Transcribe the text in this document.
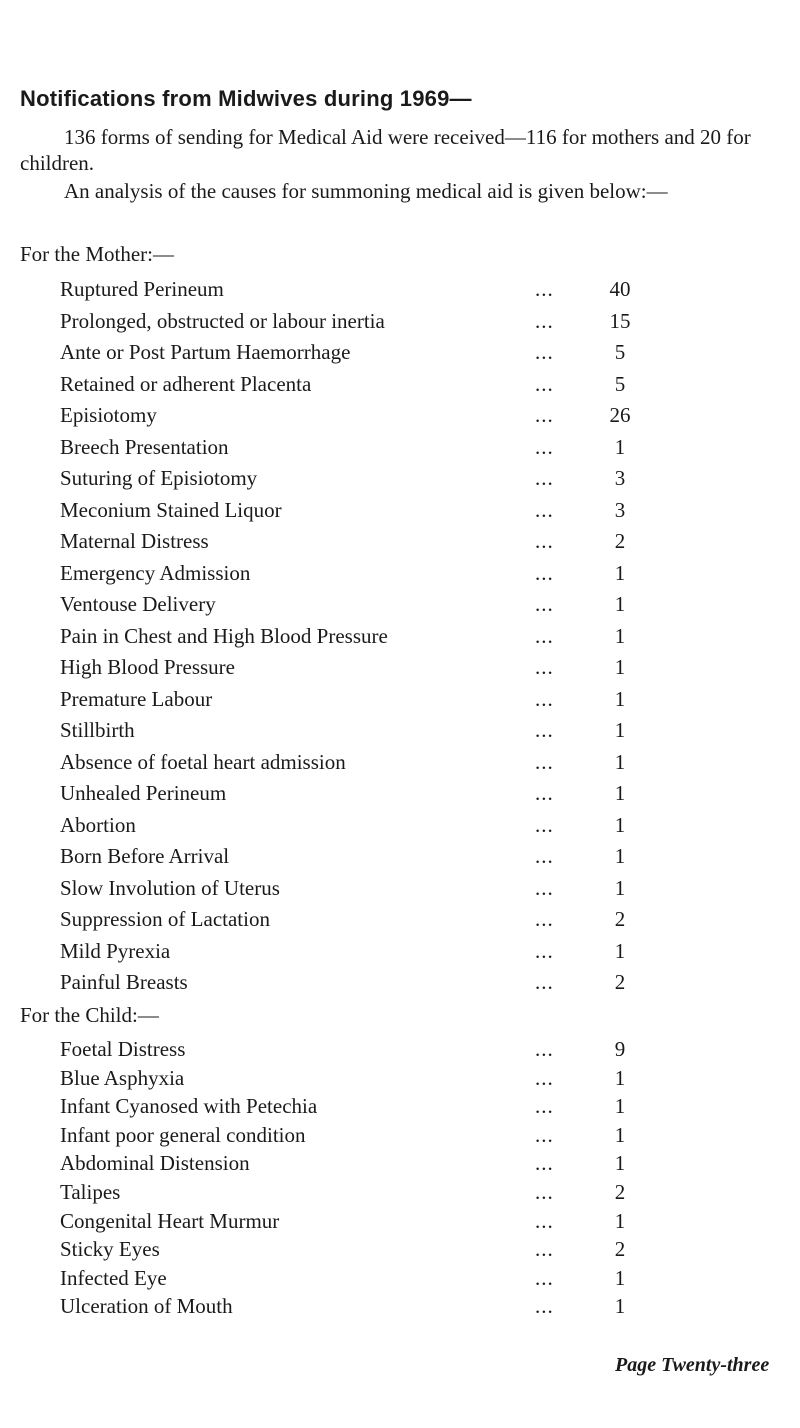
Notifications from Midwives during 1969—
136 forms of sending for Medical Aid were received—116 for mothers and 20 for children.
An analysis of the causes for summoning medical aid is given below:—
For the Mother:—
Ruptured Perineum	...	40
Prolonged, obstructed or labour inertia	...	15
Ante or Post Partum Haemorrhage	...	5
Retained or adherent Placenta	...	5
Episiotomy	...	26
Breech Presentation	...	1
Suturing of Episiotomy	...	3
Meconium Stained Liquor	...	3
Maternal Distress	...	2
Emergency Admission	...	1
Ventouse Delivery	...	1
Pain in Chest and High Blood Pressure	...	1
High Blood Pressure	...	1
Premature Labour	...	1
Stillbirth	...	1
Absence of foetal heart admission	...	1
Unhealed Perineum	...	1
Abortion	...	1
Born Before Arrival	...	1
Slow Involution of Uterus	...	1
Suppression of Lactation	...	2
Mild Pyrexia	...	1
Painful Breasts	...	2
For the Child:—
Foetal Distress	...	9
Blue Asphyxia	...	1
Infant Cyanosed with Petechia	...	1
Infant poor general condition	...	1
Abdominal Distension	...	1
Talipes	...	2
Congenital Heart Murmur	...	1
Sticky Eyes	...	2
Infected Eye	...	1
Ulceration of Mouth	...	1
Page Twenty-three
